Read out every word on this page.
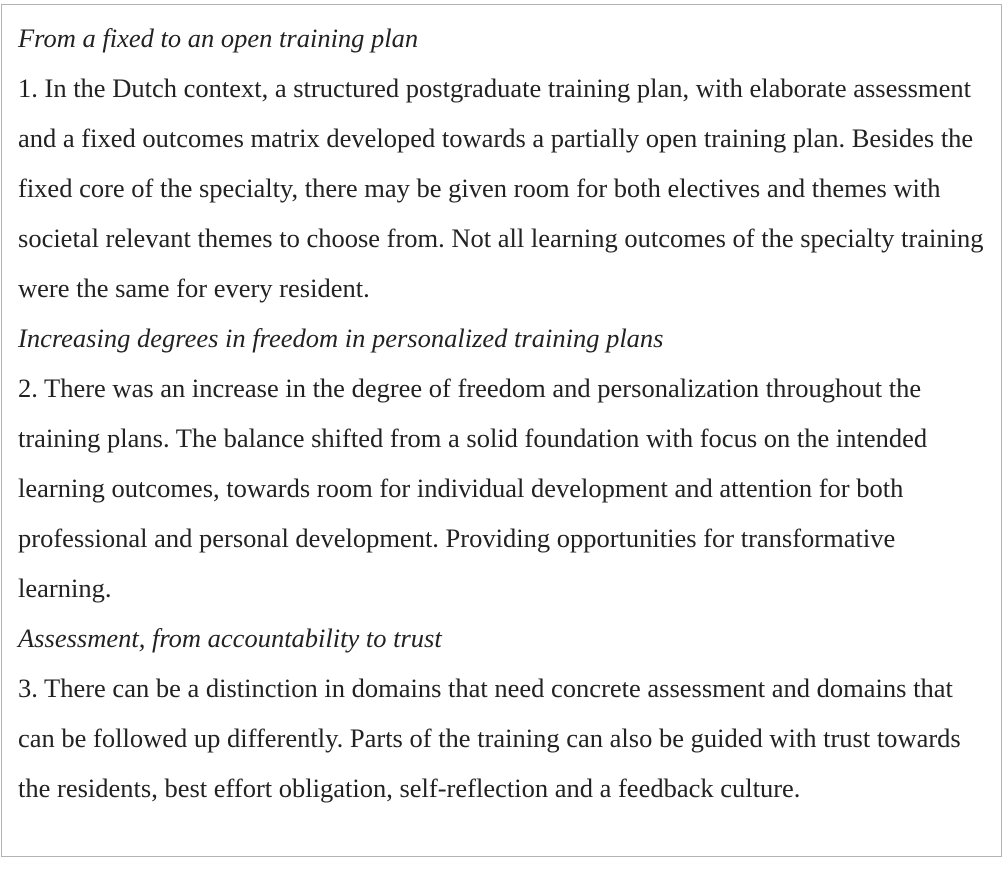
From a fixed to an open training plan

1. In the Dutch context, a structured postgraduate training plan, with elaborate assessment and a fixed outcomes matrix developed towards a partially open training plan. Besides the fixed core of the specialty, there may be given room for both electives and themes with societal relevant themes to choose from. Not all learning outcomes of the specialty training were the same for every resident.

Increasing degrees in freedom in personalized training plans

2. There was an increase in the degree of freedom and personalization throughout the training plans. The balance shifted from a solid foundation with focus on the intended learning outcomes, towards room for individual development and attention for both professional and personal development. Providing opportunities for transformative learning.

Assessment, from accountability to trust

3. There can be a distinction in domains that need concrete assessment and domains that can be followed up differently. Parts of the training can also be guided with trust towards the residents, best effort obligation, self-reflection and a feedback culture.
